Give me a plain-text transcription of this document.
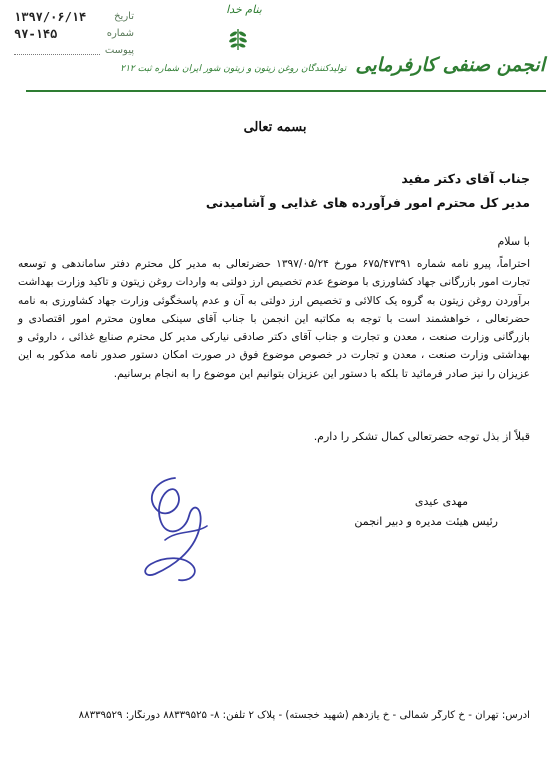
۱۳۹۷/۰۶/۱۴	تاریخ
۹۷-۱۴۵	شماره
پیوست
بنام خدا
انجمن صنفی کارفرمایی تولیدکنندگان روغن زیتون و زیتون شور ایران شماره ثبت ۲۱۲
بسمه تعالی
جناب آقای دکتر مفید
مدیر کل محترم امور فرآورده های غذایی و آشامیدنی
با سلام
احتراماً، پیرو نامه شماره ۶۷۵/۴۷۳۹۱ مورخ ۱۳۹۷/۰۵/۲۴ حضرتعالی به مدیر کل محترم دفتر ساماندهی و توسعه تجارت امور بازرگانی جهاد کشاورزی با موضوع عدم تخصیص ارز دولتی به واردات روغن زیتون و تاکید وزارت بهداشت برآوردن روغن زیتون به گروه یک کالائی و تخصیص ارز دولتی به آن و عدم پاسخگوئی وزارت جهاد کشاورزی به نامه حضرتعالی ، خواهشمند است با توجه به مکاتبه این انجمن با جناب آقای سینکی معاون محترم امور اقتصادی و بازرگانی وزارت صنعت ، معدن و تجارت و جناب آقای دکتر صادقی نیارکی مدیر کل محترم صنایع غذائی ، داروئی و بهداشتی وزارت صنعت ، معدن و تجارت در خصوص موضوع فوق در صورت امکان دستور صدور نامه مذکور به این عزیزان را نیز صادر فرمائید تا بلکه با دستور این عزیزان بتوانیم این موضوع را به انجام برسانیم.
قبلاً از بذل توجه حضرتعالی کمال تشکر را دارم.
مهدی عیدی
رئیس هیئت مدیره و دبیر انجمن
آدرس: تهران - خ کارگر شمالی - خ یازدهم (شهید خجسته) - پلاک ۲ تلفن: ۸- ۸۸۳۳۹۵۲۵ دورنگار: ۸۸۳۳۹۵۲۹
